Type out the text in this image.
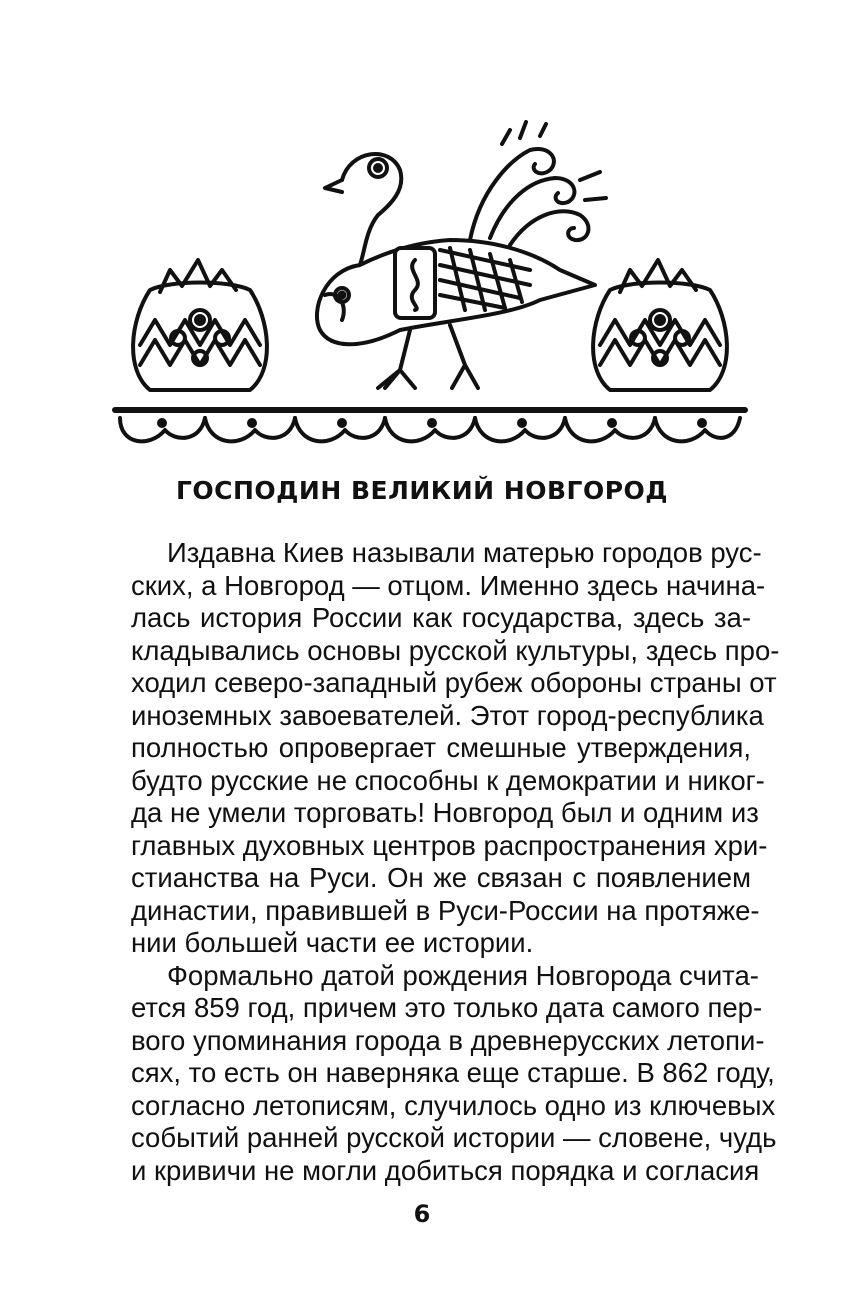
ГОСПОДИН ВЕЛИКИЙ НОВГОРОД
Издавна Киев называли матерью городов рус-
ских, а Новгород — отцом. Именно здесь начина-
лась история России как государства, здесь за-
кладывались основы русской культуры, здесь про-
ходил северо-западный рубеж обороны страны от
иноземных завоевателей. Этот город-республика
полностью опровергает смешные утверждения,
будто русские не способны к демократии и никог-
да не умели торговать! Новгород был и одним из
главных духовных центров распространения хри-
стианства на Руси. Он же связан с появлением
династии, правившей в Руси-России на протяже-
нии большей части ее истории.
Формально датой рождения Новгорода счита-
ется 859 год, причем это только дата самого пер-
вого упоминания города в древнерусских летопи-
сях, то есть он наверняка еще старше. В 862 году,
согласно летописям, случилось одно из ключевых
событий ранней русской истории — словене, чудь
и кривичи не могли добиться порядка и согласия
6
